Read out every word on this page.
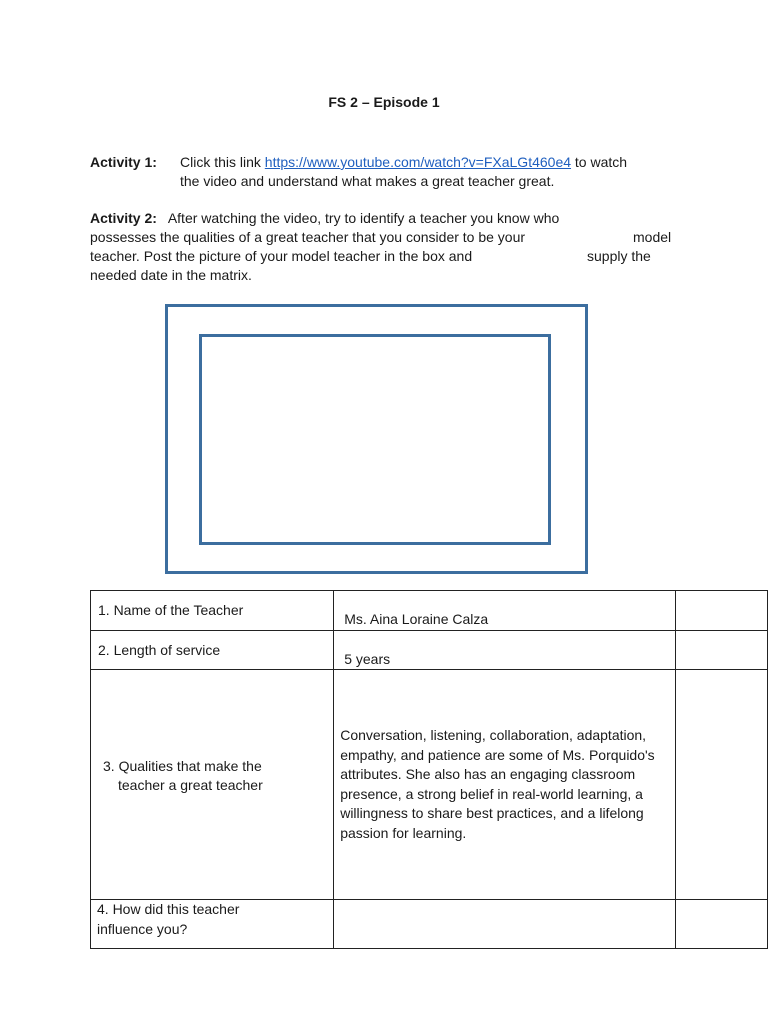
FS 2 – Episode 1
Activity 1: Click this link https://www.youtube.com/watch?v=FXaLGt460e4 to watch
the video and understand what makes a great teacher great.
Activity 2: After watching the video, try to identify a teacher you know who
possesses the qualities of a great teacher that you consider to be your	model
teacher. Post the picture of your model teacher in the box and	supply the
needed date in the matrix.
1. Name of the Teacher	Ms. Aina Loraine Calza	
2. Length of service	5 years	

3. Qualities that make the
teacher a great teacher	Conversation, listening, collaboration, adaptation, empathy, and patience are some of Ms. Porquido's attributes. She also has an engaging classroom presence, a strong belief in real-world learning, a willingness to share best practices, and a lifelong passion for learning.	

4. How did this teacher
influence you?		
